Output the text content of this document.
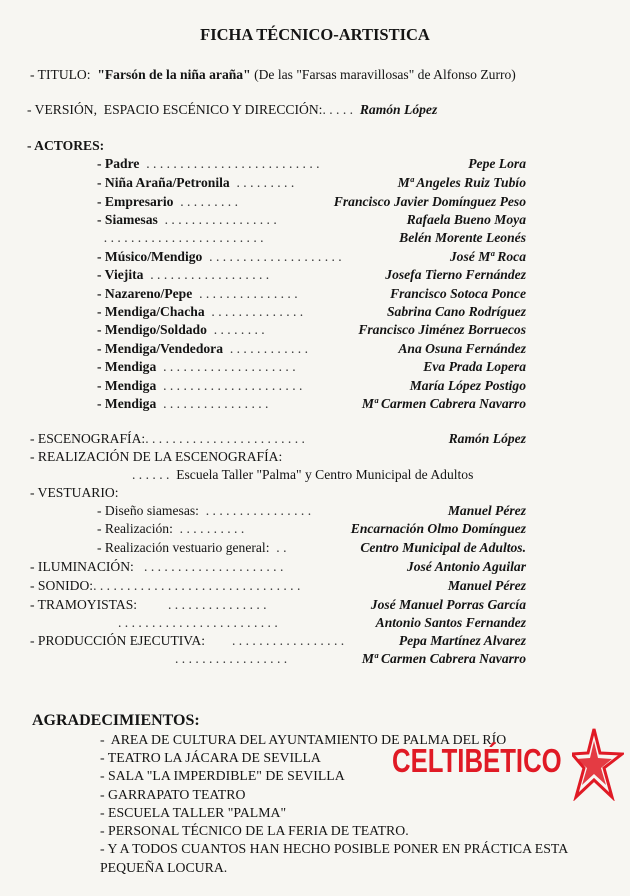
FICHA TÉCNICO-ARTISTICA
- TITULO: "Farsón de la niña araña" (De las "Farsas maravillosas" de Alfonso Zurro)
- VERSIÓN,  ESPACIO ESCÉNICO Y DIRECCIÓN:. . . . . Ramón López
- ACTORES:
- Padre . . . . . . . . . . . . . . . . . . . . . . . . . .	Pepe Lora
- Niña Araña/Petronila . . . . . . . . .	Mª Angeles Ruiz Tubío
- Empresario . . . . . . . . .	Francisco Javier Domínguez Peso
- Siamesas . . . . . . . . . . . . . . . . .	Rafaela Bueno Moya
. . . . . . . . . . . . . . . . . . . . . . . .	Belén Morente Leonés
- Músico/Mendigo . . . . . . . . . . . . . . . . . . . .	José Mª Roca
- Viejita . . . . . . . . . . . . . . . . . .	Josefa Tierno Fernández
- Nazareno/Pepe . . . . . . . . . . . . . . .	Francisco Sotoca Ponce
- Mendiga/Chacha . . . . . . . . . . . . . .	Sabrina Cano Rodríguez
- Mendigo/Soldado . . . . . . . .	Francisco Jiménez Borruecos
- Mendiga/Vendedora . . . . . . . . . . . .	Ana Osuna Fernández
- Mendiga . . . . . . . . . . . . . . . . . . . .	Eva Prada Lopera
- Mendiga . . . . . . . . . . . . . . . . . . . . .	María López Postigo
- Mendiga . . . . . . . . . . . . . . . .	Mª Carmen Cabrera Navarro
- ESCENOGRAFÍA:. . . . . . . . . . . . . . . . . . . . . . . .	Ramón López
- REALIZACIÓN DE LA ESCENOGRAFÍA:
. . . . . . Escuela Taller "Palma" y Centro Municipal de Adultos
- VESTUARIO:
- Diseño siamesas: . . . . . . . . . . . . . . . .	Manuel Pérez
- Realización: . . . . . . . . . .	Encarnación Olmo Domínguez
- Realización vestuario general: . .	Centro Municipal de Adultos.
- ILUMINACIÓN: . . . . . . . . . . . . . . . . . . . . .	José Antonio Aguilar
- SONIDO:. . . . . . . . . . . . . . . . . . . . . . . . . . . . . . .	Manuel Pérez
- TRAMOYISTAS: . . . . . . . . . . . . . . .	José Manuel Porras García
. . . . . . . . . . . . . . . . . . . . . . . .	Antonio Santos Fernandez
- PRODUCCIÓN EJECUTIVA: . . . . . . . . . . . . . . . . .	Pepa Martínez Alvarez
. . . . . . . . . . . . . . . . .	Mª Carmen Cabrera Navarro
AGRADECIMIENTOS:
-  AREA DE CULTURA DEL AYUNTAMIENTO DE PALMA DEL RÍO
- TEATRO LA JÁCARA DE SEVILLA
- SALA "LA IMPERDIBLE" DE SEVILLA
- GARRAPATO TEATRO
- ESCUELA TALLER "PALMA"
- PERSONAL TÉCNICO DE LA FERIA DE TEATRO.
- Y A TODOS CUANTOS HAN HECHO POSIBLE PONER EN PRÁCTICA ESTA
PEQUEÑA LOCURA.
CELTIBÉTICO
